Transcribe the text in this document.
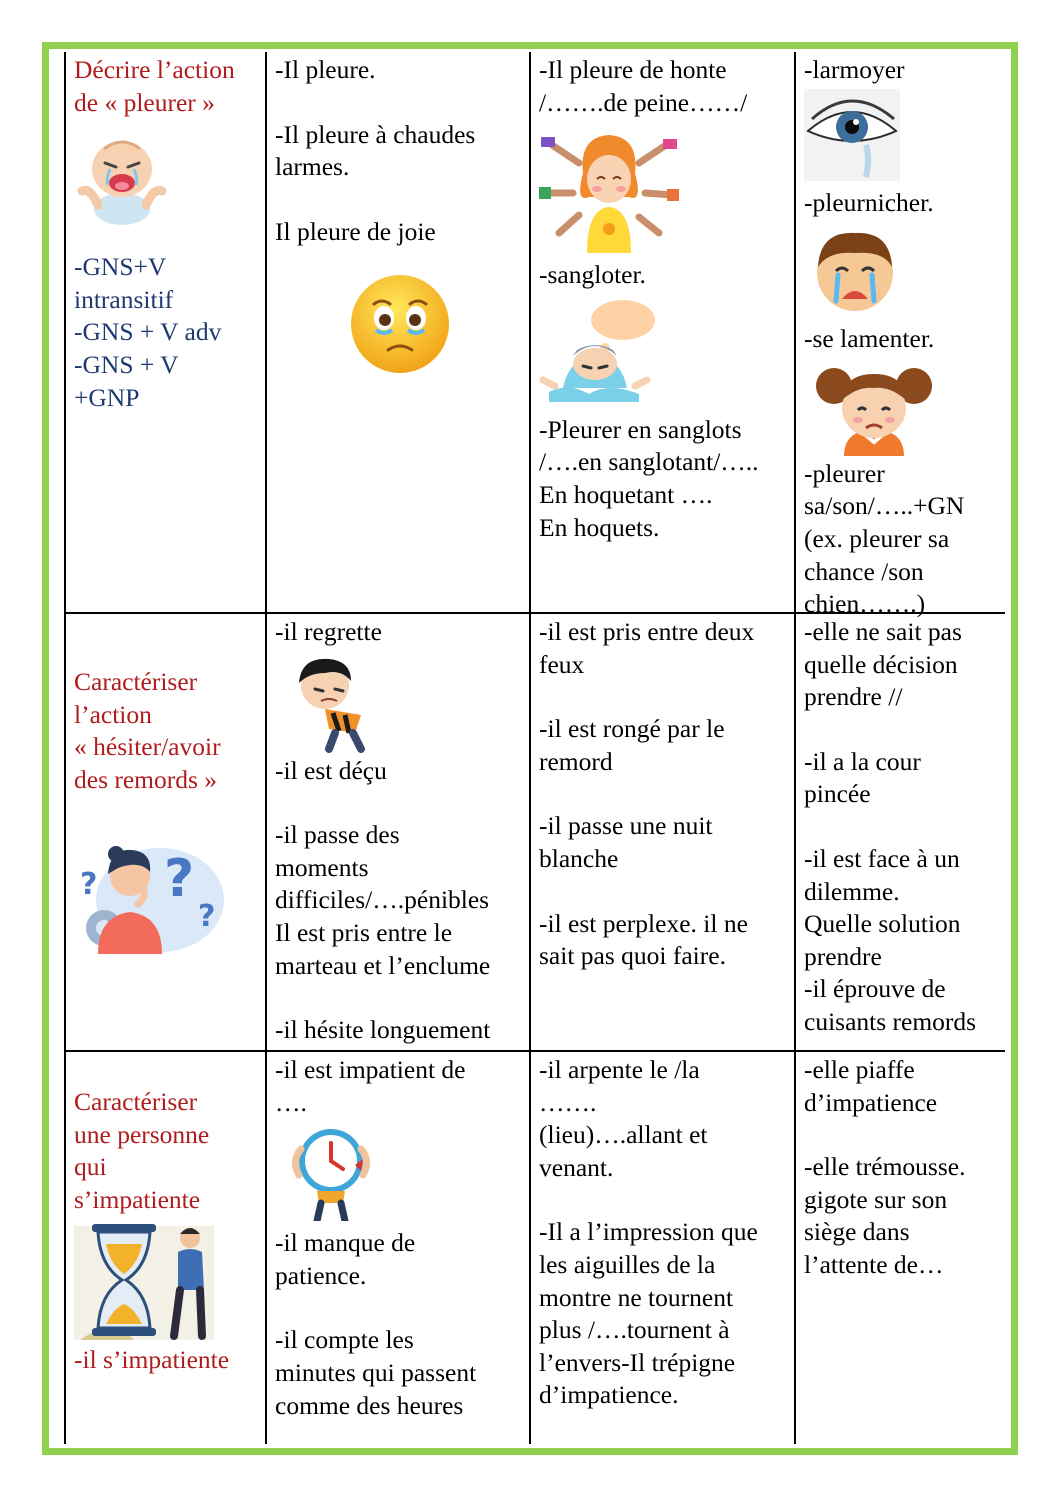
Décrire l’action
de « pleurer »

-GNS+V
intransitif
-GNS + V adv
-GNS + V
+GNP

-Il pleure.

-Il pleure à chaudes
larmes.

Il pleure de joie

-Il pleure de honte
/…….de peine……/

-sangloter.

-Pleurer en sanglots
/….en sanglotant/…..
En hoquetant ….
En hoquets.

-larmoyer

-pleurnicher.

-se lamenter.

-pleurer
sa/son/…..+GN
(ex. pleurer sa
chance /son
chien…….)

Caractériser
l’action
« hésiter/avoir
des remords »

?
?
?

-il regrette

-il est déçu

-il passe des
moments
difficiles/….pénibles
Il est pris entre le
marteau et l’enclume

-il hésite longuement

-il est pris entre deux
feux

-il est rongé par le
remord

-il passe une nuit
blanche

-il est perplexe. il ne
sait pas quoi faire.

-elle ne sait pas
quelle décision
prendre //

-il a la cour
pincée

-il est face à un
dilemme.
Quelle solution
prendre
-il éprouve de
cuisants remords

Caractériser
une personne
qui
s’impatiente

-il s’impatiente

-il est impatient de
….

-il manque de
patience.

-il compte les
minutes qui passent
comme des heures

-il arpente le /la
…….
(lieu)….allant et
venant.

-Il a l’impression que
les aiguilles de la
montre ne tournent
plus /….tournent à
l’envers-Il trépigne
d’impatience.

-elle piaffe
d’impatience

-elle trémousse.
gigote sur son
siège dans
l’attente de…
